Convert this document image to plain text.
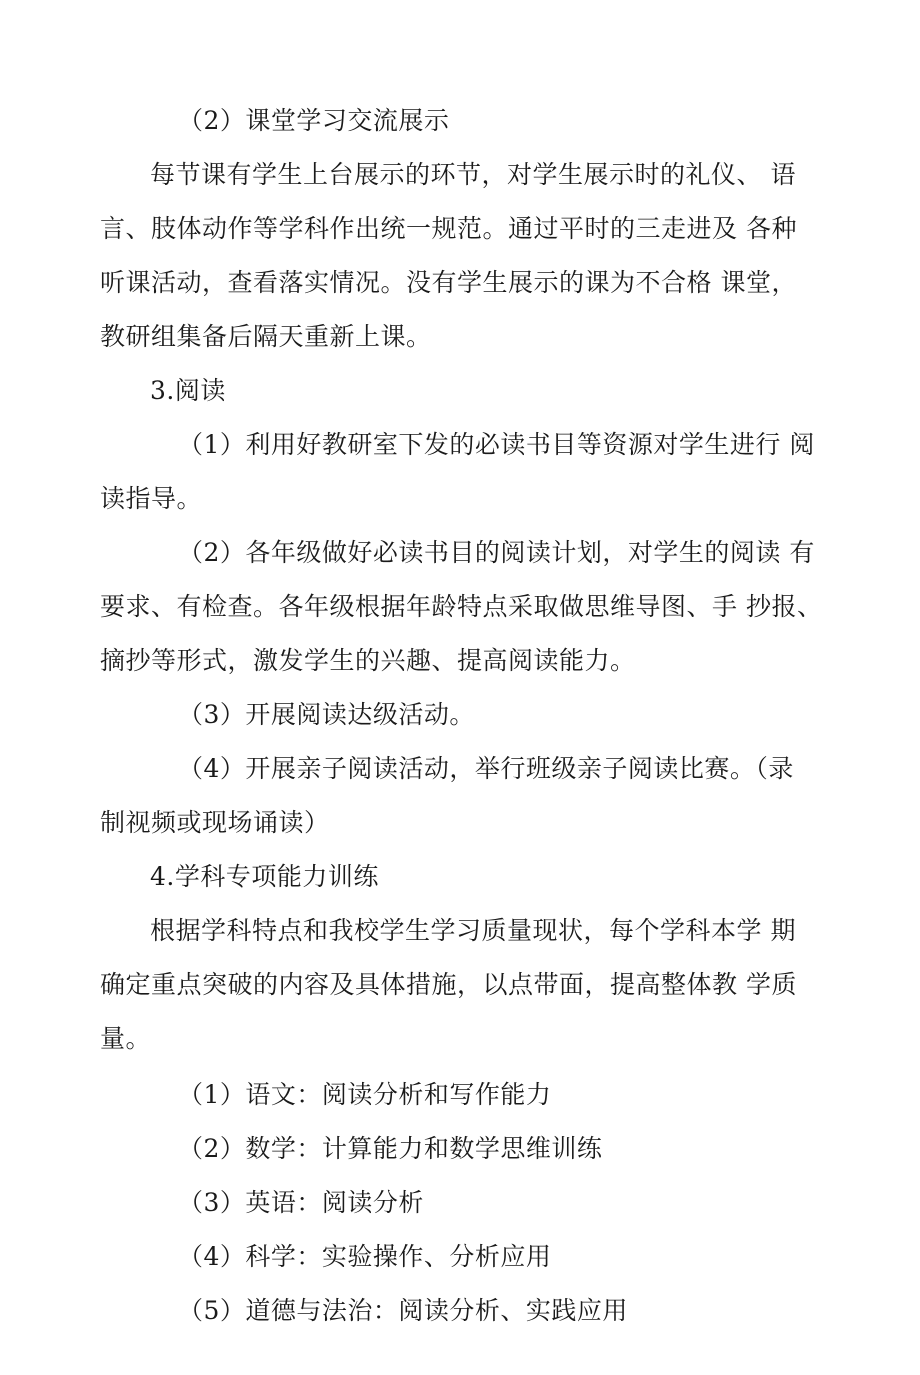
（2）课堂学习交流展示
每节课有学生上台展示的环节，对学生展示时的礼仪、 语
言、肢体动作等学科作出统一规范。通过平时的三走进及 各种
听课活动，查看落实情况。没有学生展示的课为不合格 课堂，
教研组集备后隔天重新上课。
3.阅读
（1）利用好教研室下发的必读书目等资源对学生进行 阅
读指导。
（2）各年级做好必读书目的阅读计划，对学生的阅读 有
要求、有检查。各年级根据年龄特点采取做思维导图、手 抄报、
摘抄等形式，激发学生的兴趣、提高阅读能力。
（3）开展阅读达级活动。
（4）开展亲子阅读活动，举行班级亲子阅读比赛。（录
制视频或现场诵读）
4.学科专项能力训练
根据学科特点和我校学生学习质量现状，每个学科本学 期
确定重点突破的内容及具体措施，以点带面，提高整体教 学质
量。
（1）语文：阅读分析和写作能力
（2）数学：计算能力和数学思维训练
（3）英语：阅读分析
（4）科学：实验操作、分析应用
（5）道德与法治：阅读分析、实践应用
